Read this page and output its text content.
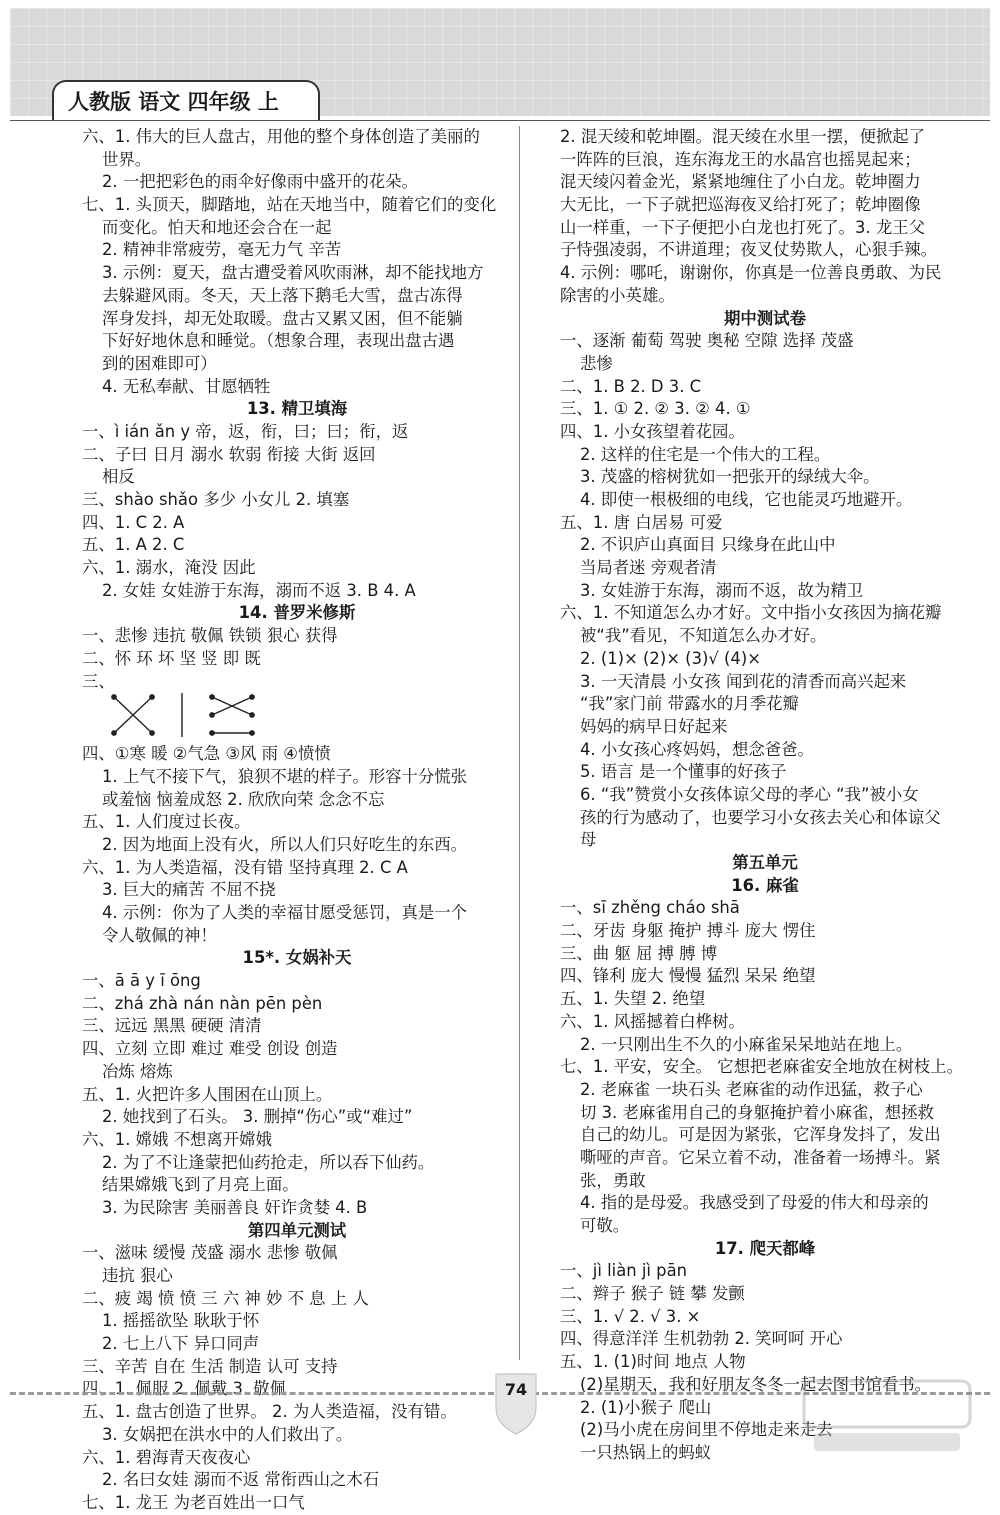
人教版 语文 四年级 上
六、1. 伟大的巨人盘古，用他的整个身体创造了美丽的
世界。
2. 一把把彩色的雨伞好像雨中盛开的花朵。
七、1. 头顶天，脚踏地，站在天地当中，随着它们的变化
而变化。怕天和地还会合在一起
2. 精神非常疲劳，毫无力气 辛苦
3. 示例：夏天，盘古遭受着风吹雨淋，却不能找地方
去躲避风雨。冬天，天上落下鹅毛大雪，盘古冻得
浑身发抖，却无处取暖。盘古又累又困，但不能躺
下好好地休息和睡觉。（想象合理，表现出盘古遇
到的困难即可）
4. 无私奉献、甘愿牺牲
13. 精卫填海
一、ì ián ǎn y 帝，返，衔，曰；曰；衔，返
二、子曰 日月 溺水 软弱 衔接 大街 返回
相反
三、shào shǎo 多少 小女儿 2. 填塞
四、1. C 2. A
五、1. A 2. C
六、1. 溺水，淹没 因此
2. 女娃 女娃游于东海，溺而不返 3. B 4. A
14. 普罗米修斯
一、悲惨 违抗 敬佩 铁锁 狠心 获得
二、怀 环 坏 坚 竖 即 既
三、
四、①寒 暖 ②气急 ③风 雨 ④愤愤
1. 上气不接下气，狼狈不堪的样子。形容十分慌张
或羞恼 恼羞成怒 2. 欣欣向荣 念念不忘
五、1. 人们度过长夜。
2. 因为地面上没有火，所以人们只好吃生的东西。
六、1. 为人类造福，没有错 坚持真理 2. C A
3. 巨大的痛苦 不屈不挠
4. 示例：你为了人类的幸福甘愿受惩罚，真是一个
令人敬佩的神！
15*. 女娲补天
一、ā ā y ī ōng
二、zhá zhà nán nàn pēn pèn
三、远远 黑黑 硬硬 清清
四、立刻 立即 难过 难受 创设 创造
冶炼 熔炼
五、1. 火把许多人围困在山顶上。
2. 她找到了石头。 3. 删掉“伤心”或“难过”
六、1. 嫦娥 不想离开嫦娥
2. 为了不让逢蒙把仙药抢走，所以吞下仙药。
结果嫦娥飞到了月亮上面。
3. 为民除害 美丽善良 奸诈贪婪 4. B
第四单元测试
一、滋味 缓慢 茂盛 溺水 悲惨 敬佩
违抗 狠心
二、疲 竭 愤 愤 三 六 神 妙 不 息 上 人
1. 摇摇欲坠 耿耿于怀
2. 七上八下 异口同声
三、辛苦 自在 生活 制造 认可 支持
四、1. 佩服 2. 佩戴 3. 敬佩
五、1. 盘古创造了世界。 2. 为人类造福，没有错。
3. 女娲把在洪水中的人们救出了。
六、1. 碧海青天夜夜心
2. 名曰女娃 溺而不返 常衔西山之木石
七、1. 龙王 为老百姓出一口气
2. 混天绫和乾坤圈。混天绫在水里一摆，便掀起了
一阵阵的巨浪，连东海龙王的水晶宫也摇晃起来；
混天绫闪着金光，紧紧地缠住了小白龙。乾坤圈力
大无比，一下子就把巡海夜叉给打死了；乾坤圈像
山一样重，一下子便把小白龙也打死了。3. 龙王父
子恃强凌弱，不讲道理；夜叉仗势欺人，心狠手辣。
4. 示例：哪吒，谢谢你，你真是一位善良勇敢、为民
除害的小英雄。
期中测试卷
一、逐渐 葡萄 驾驶 奥秘 空隙 选择 茂盛
悲惨
二、1. B 2. D 3. C
三、1. ① 2. ② 3. ② 4. ①
四、1. 小女孩望着花园。
2. 这样的住宅是一个伟大的工程。
3. 茂盛的榕树犹如一把张开的绿绒大伞。
4. 即使一根极细的电线，它也能灵巧地避开。
五、1. 唐 白居易 可爱
2. 不识庐山真面目 只缘身在此山中
当局者迷 旁观者清
3. 女娃游于东海，溺而不返，故为精卫
六、1. 不知道怎么办才好。文中指小女孩因为摘花瓣
被“我”看见，不知道怎么办才好。
2. (1)× (2)× (3)√ (4)×
3. 一天清晨 小女孩 闻到花的清香而高兴起来
“我”家门前 带露水的月季花瓣
妈妈的病早日好起来
4. 小女孩心疼妈妈，想念爸爸。
5. 语言 是一个懂事的好孩子
6. “我”赞赏小女孩体谅父母的孝心 “我”被小女
孩的行为感动了，也要学习小女孩去关心和体谅父
母
第五单元
16. 麻雀
一、sī zhěng cháo shā
二、牙齿 身躯 掩护 搏斗 庞大 愣住
三、曲 躯 屈 搏 膊 博
四、锋利 庞大 慢慢 猛烈 呆呆 绝望
五、1. 失望 2. 绝望
六、1. 风摇撼着白桦树。
2. 一只刚出生不久的小麻雀呆呆地站在地上。
七、1. 平安，安全。 它想把老麻雀安全地放在树枝上。
2. 老麻雀 一块石头 老麻雀的动作迅猛，救子心
切 3. 老麻雀用自己的身躯掩护着小麻雀，想拯救
自己的幼儿。可是因为紧张，它浑身发抖了，发出
嘶哑的声音。它呆立着不动，准备着一场搏斗。紧
张，勇敢
4. 指的是母爱。我感受到了母爱的伟大和母亲的
可敬。
17. 爬天都峰
一、jì liàn jì pān
二、辫子 猴子 链 攀 发颤
三、1. √ 2. √ 3. ×
四、得意洋洋 生机勃勃 2. 笑呵呵 开心
五、1. (1)时间 地点 人物
(2)星期天，我和好朋友冬冬一起去图书馆看书。
2. (1)小猴子 爬山
(2)马小虎在房间里不停地走来走去
一只热锅上的蚂蚁
74
